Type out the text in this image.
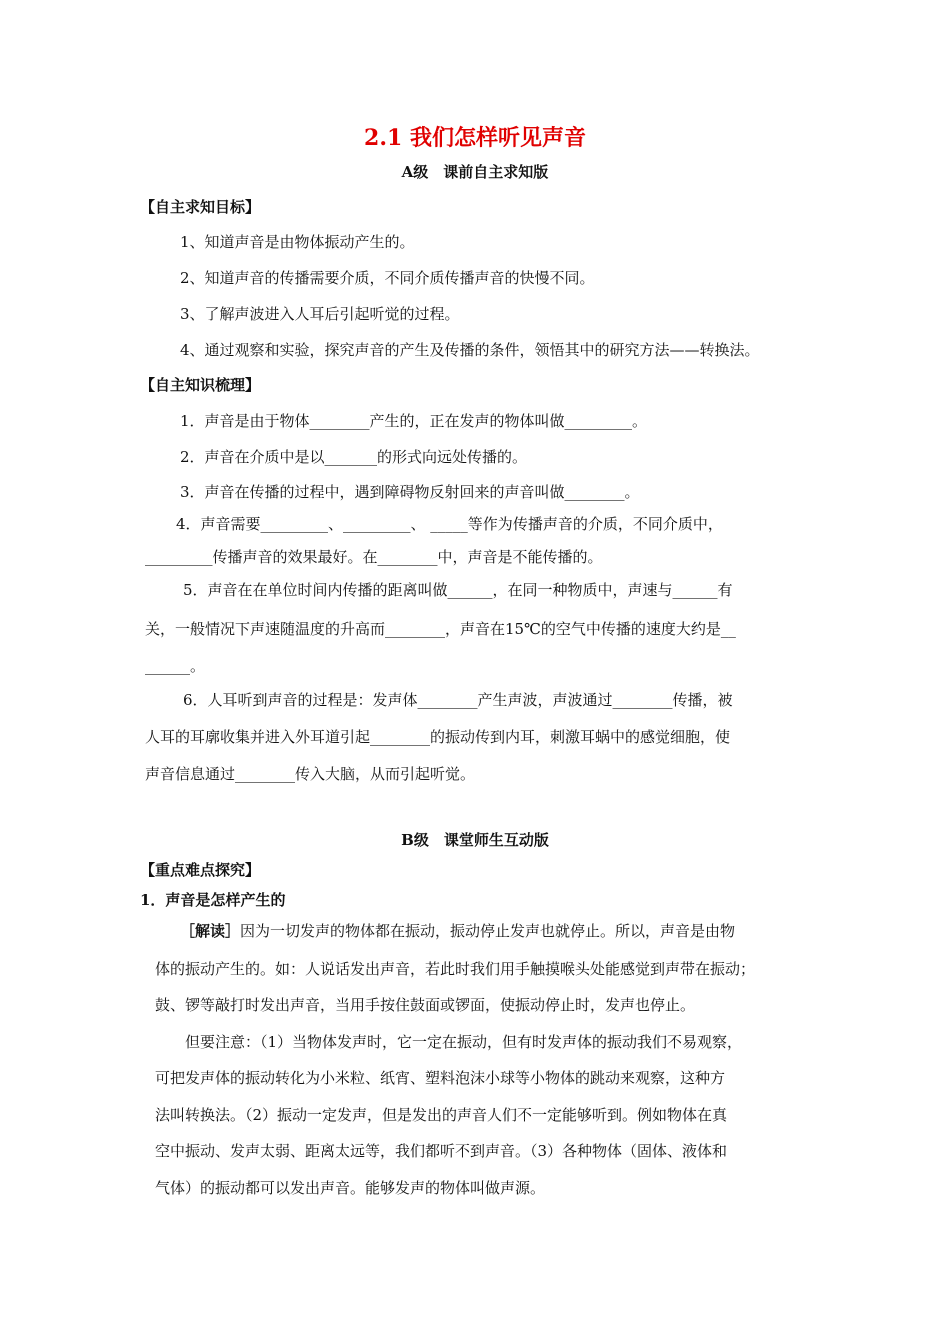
2.1 我们怎样听见声音
A级　课前自主求知版
【自主求知目标】
1、知道声音是由物体振动产生的。
2、知道声音的传播需要介质，不同介质传播声音的快慢不同。
3、了解声波进入人耳后引起听觉的过程。
4、通过观察和实验，探究声音的产生及传播的条件，领悟其中的研究方法——转换法。
【自主知识梳理】
1．声音是由于物体________产生的，正在发声的物体叫做_________。
2．声音在介质中是以_______的形式向远处传播的。
3．声音在传播的过程中，遇到障碍物反射回来的声音叫做________。
4．声音需要_________、_________、 _____等作为传播声音的介质，不同介质中，
_________传播声音的效果最好。在________中，声音是不能传播的。
5．声音在在单位时间内传播的距离叫做______，在同一种物质中，声速与______有
关，一般情况下声速随温度的升高而________，声音在15℃的空气中传播的速度大约是__
______。
6．人耳听到声音的过程是：发声体________产生声波，声波通过________传播，被
人耳的耳廓收集并进入外耳道引起________的振动传到内耳，刺激耳蜗中的感觉细胞，使
声音信息通过________传入大脑，从而引起听觉。
B级　课堂师生互动版
【重点难点探究】
1．声音是怎样产生的
［解读］因为一切发声的物体都在振动，振动停止发声也就停止。所以，声音是由物
体的振动产生的。如：人说话发出声音，若此时我们用手触摸喉头处能感觉到声带在振动；
鼓、锣等敲打时发出声音，当用手按住鼓面或锣面，使振动停止时，发声也停止。
但要注意：（1）当物体发声时，它一定在振动，但有时发声体的振动我们不易观察，
可把发声体的振动转化为小米粒、纸宵、塑料泡沫小球等小物体的跳动来观察，这种方
法叫转换法。（2）振动一定发声，但是发出的声音人们不一定能够听到。例如物体在真
空中振动、发声太弱、距离太远等，我们都听不到声音。（3）各种物体（固体、液体和
气体）的振动都可以发出声音。能够发声的物体叫做声源。
